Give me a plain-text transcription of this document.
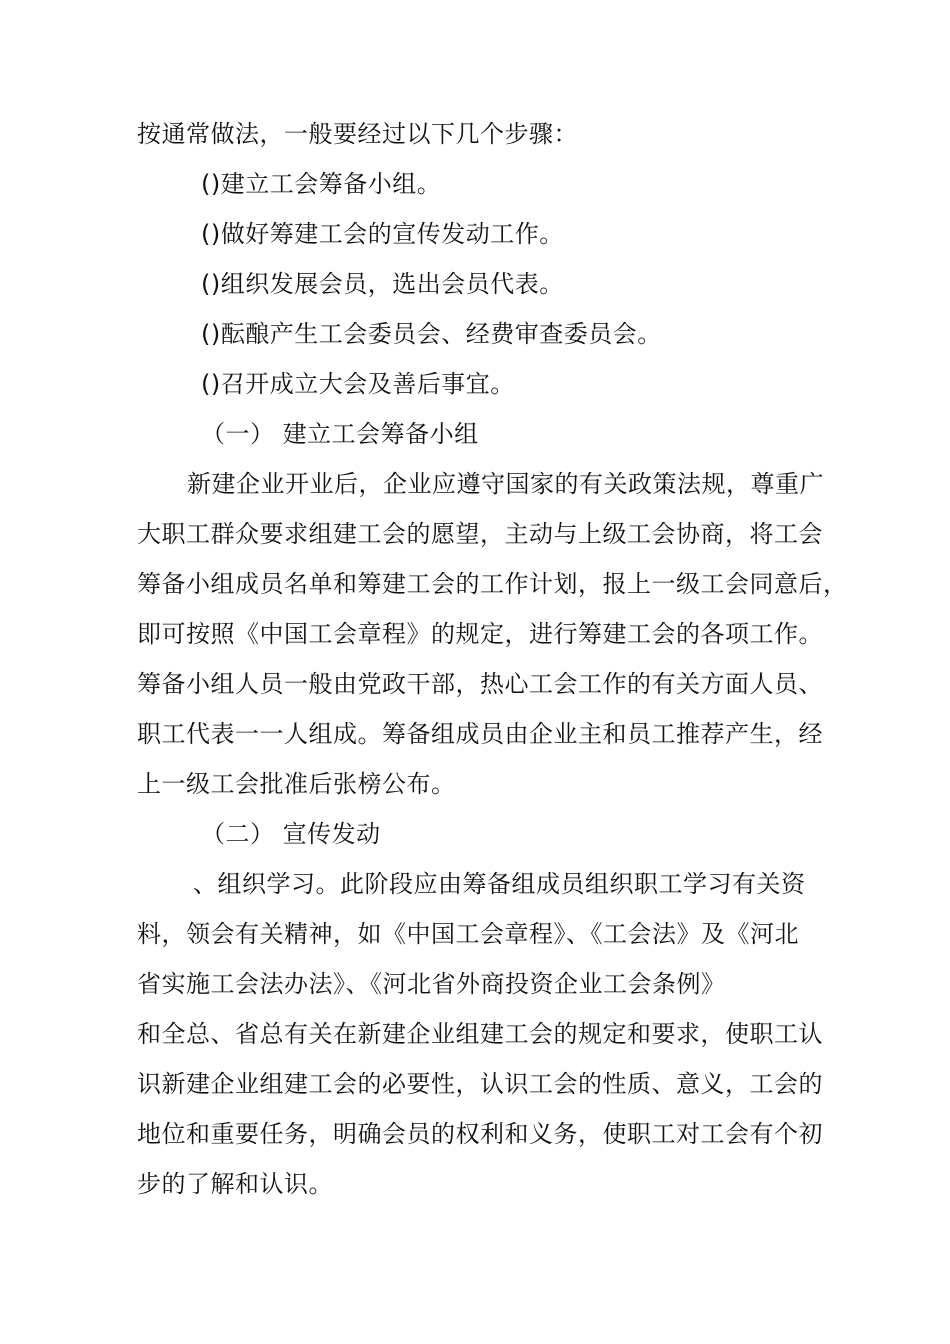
按通常做法，一般要经过以下几个步骤：
()建立工会筹备小组。
()做好筹建工会的宣传发动工作。
()组织发展会员，选出会员代表。
()酝酿产生工会委员会、经费审查委员会。
()召开成立大会及善后事宜。
（一） 建立工会筹备小组
新建企业开业后，企业应遵守国家的有关政策法规，尊重广
大职工群众要求组建工会的愿望，主动与上级工会协商，将工会
筹备小组成员名单和筹建工会的工作计划，报上一级工会同意后，
即可按照《中国工会章程》的规定，进行筹建工会的各项工作。
筹备小组人员一般由党政干部，热心工会工作的有关方面人员、
职工代表一一人组成。筹备组成员由企业主和员工推荐产生，经
上一级工会批准后张榜公布。
（二） 宣传发动
、组织学习。此阶段应由筹备组成员组织职工学习有关资
料，领会有关精神，如《中国工会章程》、《工会法》及《河北
省实施工会法办法》、《河北省外商投资企业工会条例》
和全总、省总有关在新建企业组建工会的规定和要求，使职工认
识新建企业组建工会的必要性，认识工会的性质、意义，工会的
地位和重要任务，明确会员的权利和义务，使职工对工会有个初
步的了解和认识。
